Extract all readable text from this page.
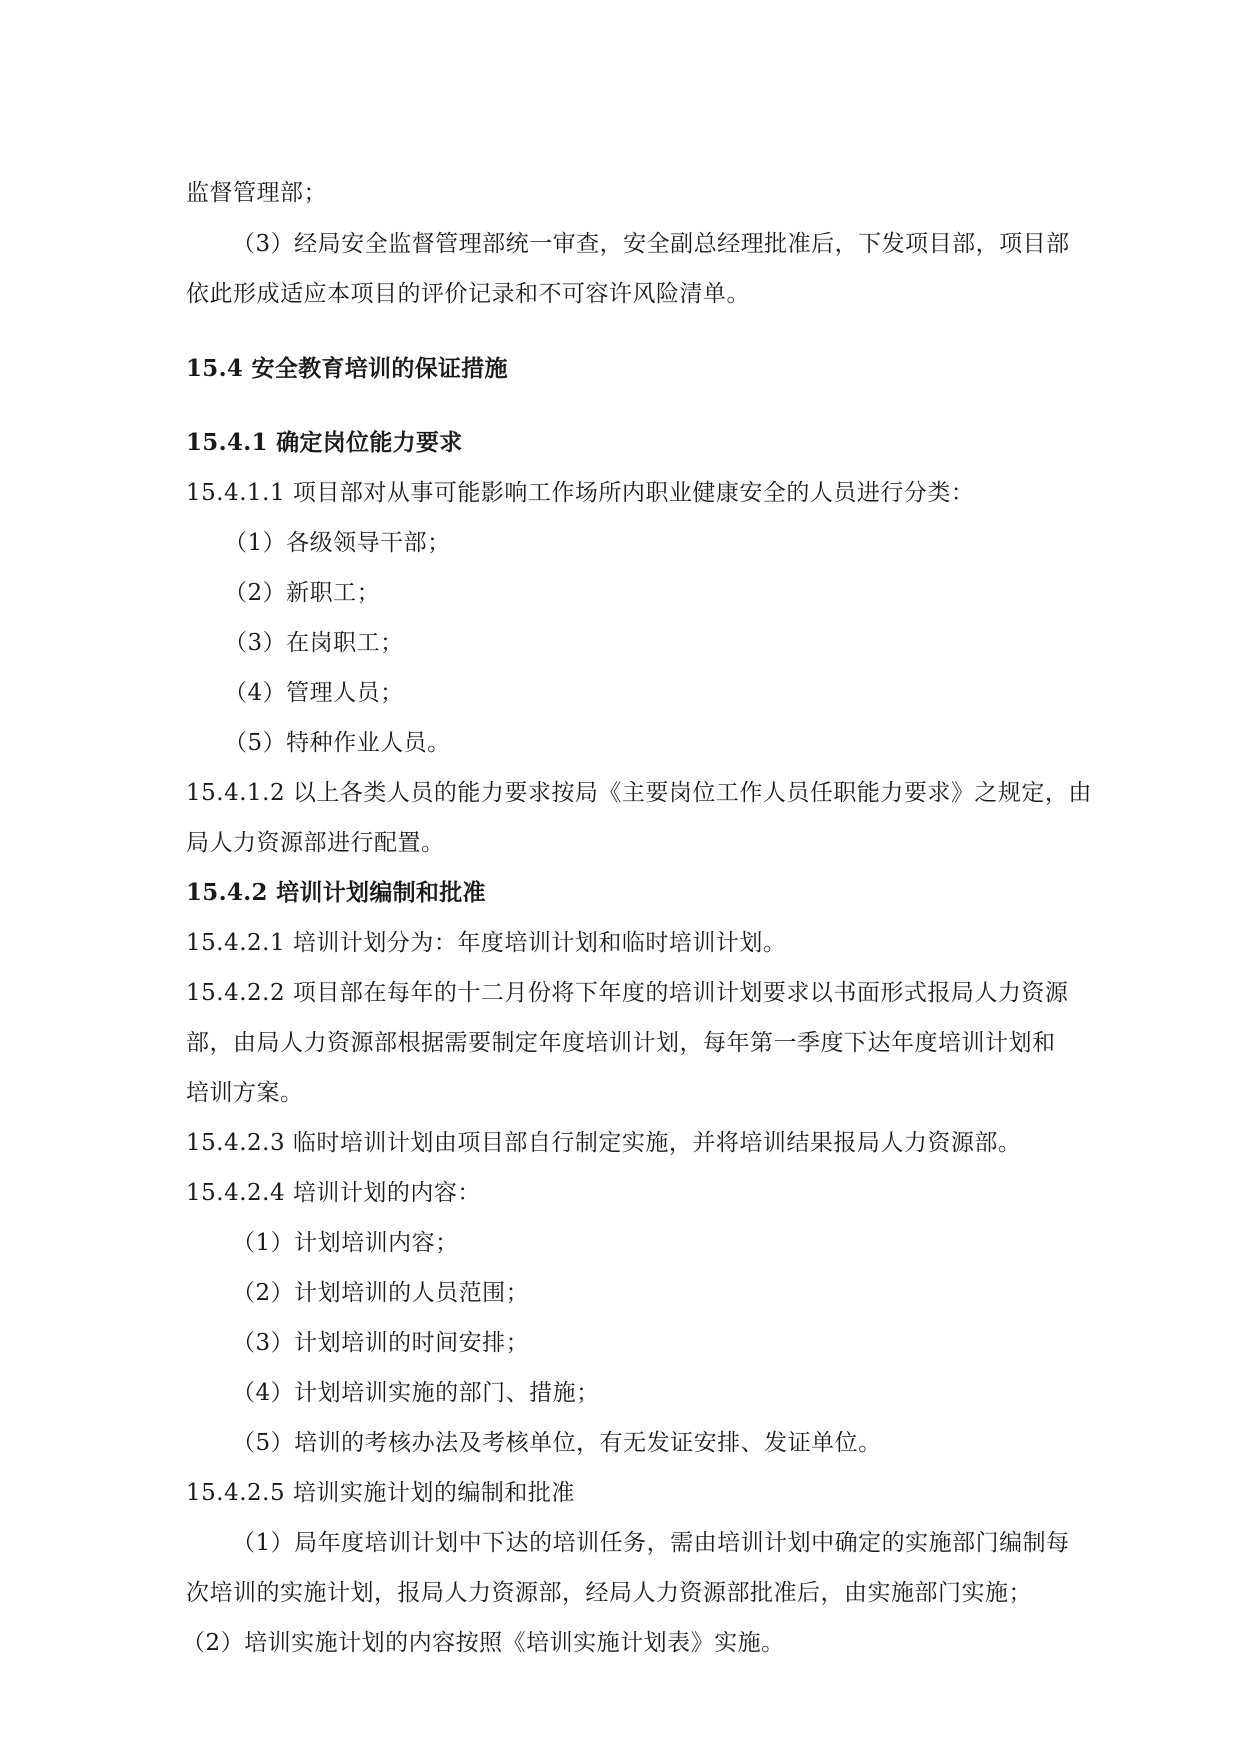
监督管理部；
（3）经局安全监督管理部统一审查，安全副总经理批准后，下发项目部，项目部
依此形成适应本项目的评价记录和不可容许风险清单。
15.4 安全教育培训的保证措施
15.4.1 确定岗位能力要求
15.4.1.1 项目部对从事可能影响工作场所内职业健康安全的人员进行分类：
（1）各级领导干部；
（2）新职工；
（3）在岗职工；
（4）管理人员；
（5）特种作业人员。
15.4.1.2 以上各类人员的能力要求按局《主要岗位工作人员任职能力要求》之规定，由
局人力资源部进行配置。
15.4.2 培训计划编制和批准
15.4.2.1 培训计划分为：年度培训计划和临时培训计划。
15.4.2.2 项目部在每年的十二月份将下年度的培训计划要求以书面形式报局人力资源
部，由局人力资源部根据需要制定年度培训计划，每年第一季度下达年度培训计划和
培训方案。
15.4.2.3 临时培训计划由项目部自行制定实施，并将培训结果报局人力资源部。
15.4.2.4 培训计划的内容：
（1）计划培训内容；
（2）计划培训的人员范围；
（3）计划培训的时间安排；
（4）计划培训实施的部门、措施；
（5）培训的考核办法及考核单位，有无发证安排、发证单位。
15.4.2.5 培训实施计划的编制和批准
（1）局年度培训计划中下达的培训任务，需由培训计划中确定的实施部门编制每
次培训的实施计划，报局人力资源部，经局人力资源部批准后，由实施部门实施；
（2）培训实施计划的内容按照《培训实施计划表》实施。
